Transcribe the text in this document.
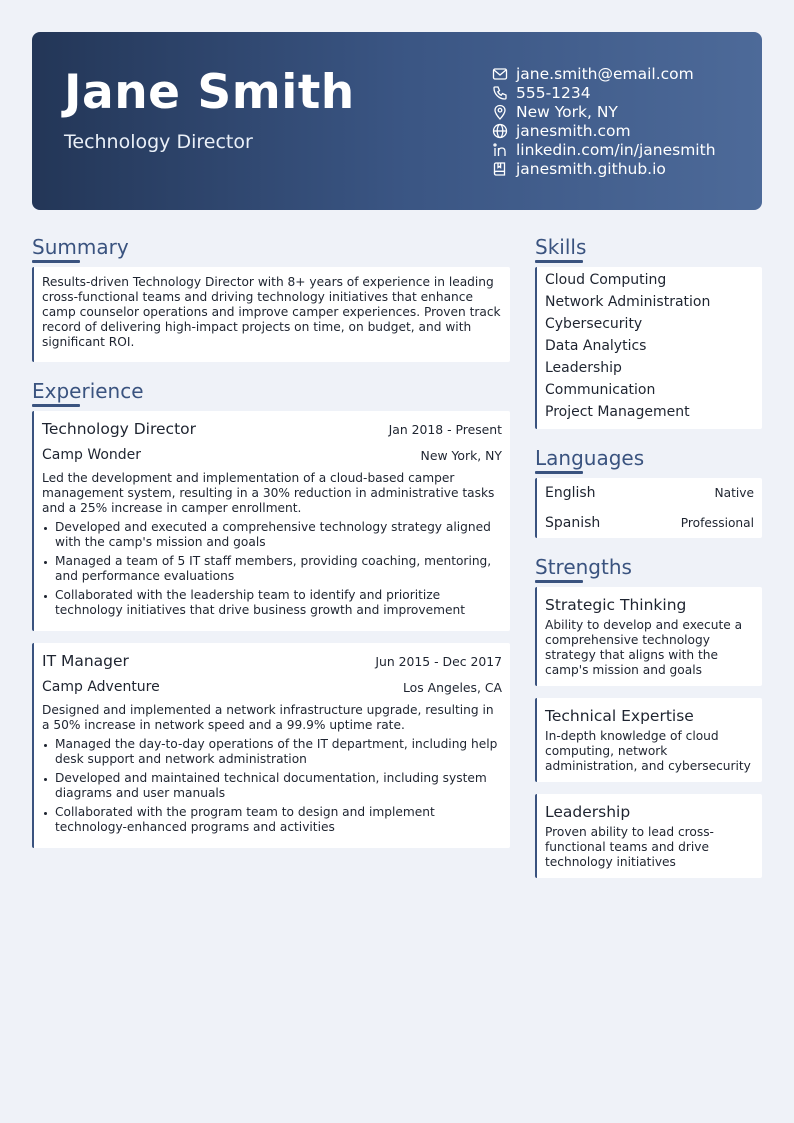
Jane Smith
Technology Director
jane.smith@email.com
555-1234
New York, NY
janesmith.com
linkedin.com/in/janesmith
janesmith.github.io
Summary
Results-driven Technology Director with 8+ years of experience in leading cross-functional teams and driving technology initiatives that enhance camp counselor operations and improve camper experiences. Proven track record of delivering high-impact projects on time, on budget, and with significant ROI.
Experience
Technology Director	Jan 2018 - Present
Camp Wonder	New York, NY
Led the development and implementation of a cloud-based camper management system, resulting in a 30% reduction in administrative tasks and a 25% increase in camper enrollment.
Developed and executed a comprehensive technology strategy aligned with the camp's mission and goals
Managed a team of 5 IT staff members, providing coaching, mentoring, and performance evaluations
Collaborated with the leadership team to identify and prioritize technology initiatives that drive business growth and improvement
IT Manager	Jun 2015 - Dec 2017
Camp Adventure	Los Angeles, CA
Designed and implemented a network infrastructure upgrade, resulting in a 50% increase in network speed and a 99.9% uptime rate.
Managed the day-to-day operations of the IT department, including help desk support and network administration
Developed and maintained technical documentation, including system diagrams and user manuals
Collaborated with the program team to design and implement technology-enhanced programs and activities
Skills
Cloud Computing
Network Administration
Cybersecurity
Data Analytics
Leadership
Communication
Project Management
Languages
English	Native
Spanish	Professional
Strengths
Strategic Thinking
Ability to develop and execute a comprehensive technology strategy that aligns with the camp's mission and goals
Technical Expertise
In-depth knowledge of cloud computing, network administration, and cybersecurity
Leadership
Proven ability to lead cross-functional teams and drive technology initiatives
